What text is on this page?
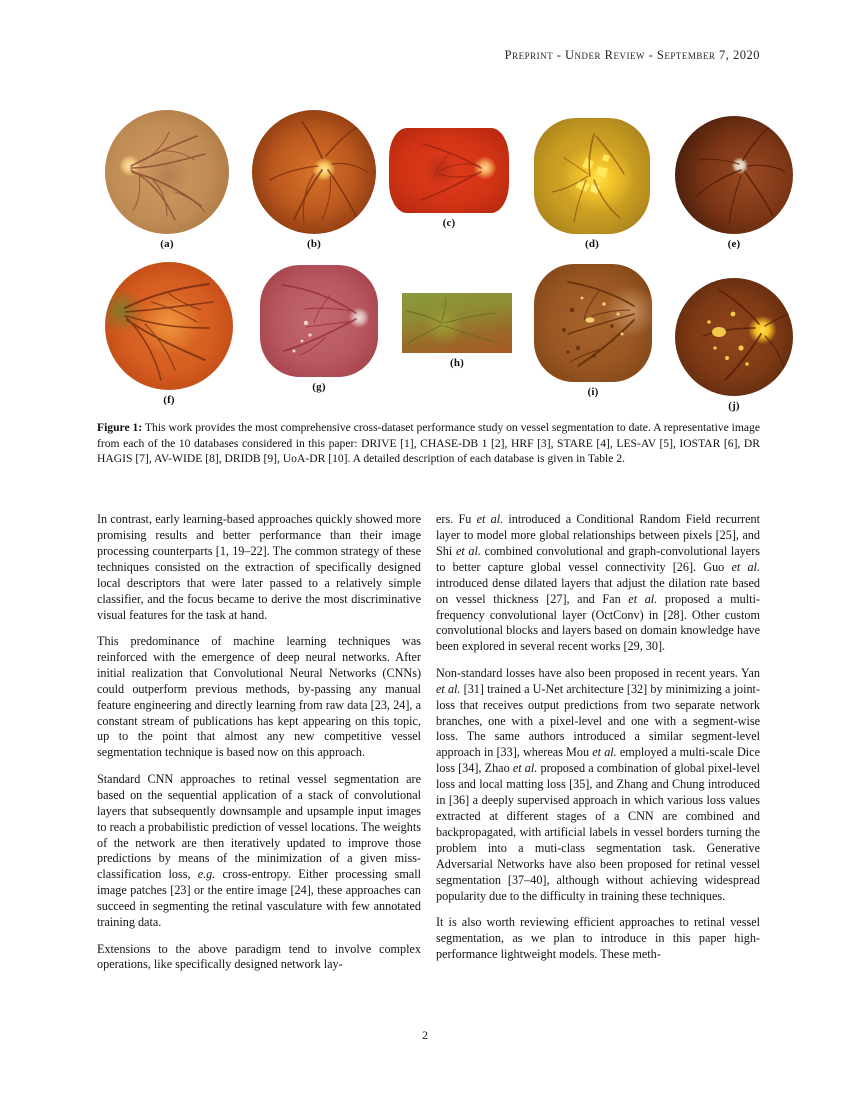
Preprint - Under Review - September 7, 2020
(a)	(b)
(c)
(d)	(e)
(f)
(g)
(h)
(i)
(j)
Figure 1: This work provides the most comprehensive cross-dataset performance study on vessel segmentation to date. A representative image from each of the 10 databases considered in this paper: DRIVE [1], CHASE-DB 1 [2], HRF [3], STARE [4], LES-AV [5], IOSTAR [6], DR HAGIS [7], AV-WIDE [8], DRIDB [9], UoA-DR [10]. A detailed description of each database is given in Table 2.

In contrast, early learning-based approaches quickly showed more promising results and better performance than their image processing counterparts [1, 19–22]. The common strategy of these techniques consisted on the extraction of specifically designed local descriptors that were later passed to a relatively simple classifier, and the focus became to derive the most discriminative visual features for the task at hand.

This predominance of machine learning techniques was reinforced with the emergence of deep neural networks. After initial realization that Convolutional Neural Networks (CNNs) could outperform previous methods, by-passing any manual feature engineering and directly learning from raw data [23, 24], a constant stream of publications has kept appearing on this topic, up to the point that almost any new competitive vessel segmentation technique is based now on this approach.

Standard CNN approaches to retinal vessel segmentation are based on the sequential application of a stack of convolutional layers that subsequently downsample and upsample input images to reach a probabilistic prediction of vessel locations. The weights of the network are then iteratively updated to improve those predictions by means of the minimization of a given miss-classification loss, e.g. cross-entropy. Either processing small image patches [23] or the entire image [24], these approaches can succeed in segmenting the retinal vasculature with few annotated training data.

Extensions to the above paradigm tend to involve complex operations, like specifically designed network lay-

ers. Fu et al. introduced a Conditional Random Field recurrent layer to model more global relationships between pixels [25], and Shi et al. combined convolutional and graph-convolutional layers to better capture global vessel connectivity [26]. Guo et al. introduced dense dilated layers that adjust the dilation rate based on vessel thickness [27], and Fan et al. proposed a multi-frequency convolutional layer (OctConv) in [28]. Other custom convolutional blocks and layers based on domain knowledge have been explored in several recent works [29, 30].

Non-standard losses have also been proposed in recent years. Yan et al. [31] trained a U-Net architecture [32] by minimizing a joint-loss that receives output predictions from two separate network branches, one with a pixel-level and one with a segment-wise loss. The same authors introduced a similar segment-level approach in [33], whereas Mou et al. employed a multi-scale Dice loss [34], Zhao et al. proposed a combination of global pixel-level loss and local matting loss [35], and Zhang and Chung introduced in [36] a deeply supervised approach in which various loss values extracted at different stages of a CNN are combined and backpropagated, with artificial labels in vessel borders turning the problem into a muti-class segmentation task. Generative Adversarial Networks have also been proposed for retinal vessel segmentation [37–40], although without achieving widespread popularity due to the difficulty in training these techniques.

It is also worth reviewing efficient approaches to retinal vessel segmentation, as we plan to introduce in this paper high-performance lightweight models. These meth-

2
